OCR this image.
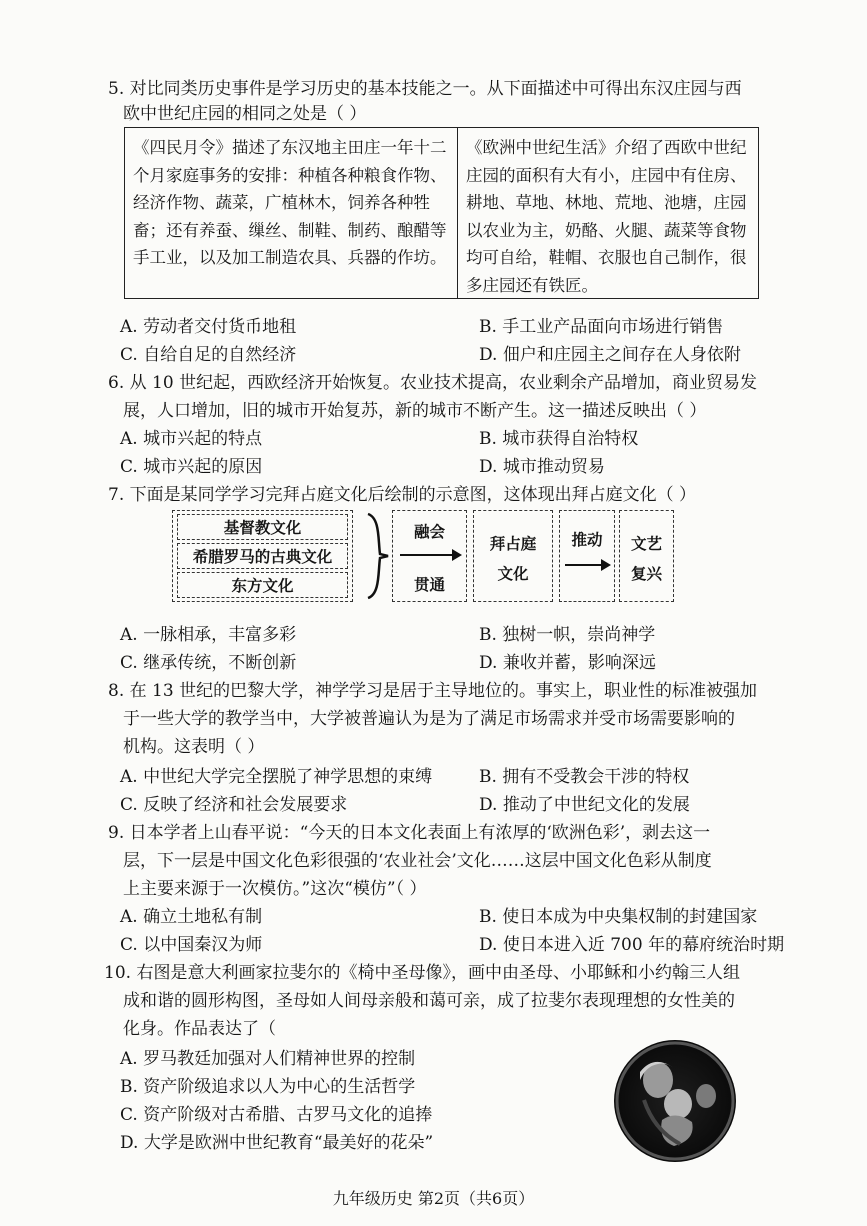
5. 对比同类历史事件是学习历史的基本技能之一。从下面描述中可得出东汉庄园与西
欧中世纪庄园的相同之处是（ ）
《四民月令》描述了东汉地主田庄一年十二个月家庭事务的安排：种植各种粮食作物、经济作物、蔬菜，广植林木，饲养各种牲畜；还有养蚕、缫丝、制鞋、制药、酿醋等手工业，以及加工制造农具、兵器的作坊。
《欧洲中世纪生活》介绍了西欧中世纪庄园的面积有大有小，庄园中有住房、耕地、草地、林地、荒地、池塘，庄园以农业为主，奶酪、火腿、蔬菜等食物均可自给，鞋帽、衣服也自己制作，很多庄园还有铁匠。
A. 劳动者交付货币地租	B. 手工业产品面向市场进行销售
C. 自给自足的自然经济	D. 佃户和庄园主之间存在人身依附
6. 从 10 世纪起，西欧经济开始恢复。农业技术提高，农业剩余产品增加，商业贸易发
展，人口增加，旧的城市开始复苏，新的城市不断产生。这一描述反映出（ ）
A. 城市兴起的特点	B. 城市获得自治特权
C. 城市兴起的原因	D. 城市推动贸易
7. 下面是某同学学习完拜占庭文化后绘制的示意图，这体现出拜占庭文化（ ）
基督教文化
希腊罗马的古典文化
东方文化
融会
贯通
拜占庭
文化
推动	文艺
复兴
A. 一脉相承，丰富多彩	B. 独树一帜，崇尚神学
C. 继承传统，不断创新	D. 兼收并蓄，影响深远
8. 在 13 世纪的巴黎大学，神学学习是居于主导地位的。事实上，职业性的标准被强加
于一些大学的教学当中，大学被普遍认为是为了满足市场需求并受市场需要影响的
机构。这表明（ ）
A. 中世纪大学完全摆脱了神学思想的束缚	B. 拥有不受教会干涉的特权
C. 反映了经济和社会发展要求	D. 推动了中世纪文化的发展
9. 日本学者上山春平说：“今天的日本文化表面上有浓厚的‘欧洲色彩’，剥去这一
层，下一层是中国文化色彩很强的‘农业社会’文化……这层中国文化色彩从制度
上主要来源于一次模仿。”这次“模仿”（ ）
A. 确立土地私有制	B. 使日本成为中央集权制的封建国家
C. 以中国秦汉为师	D. 使日本进入近 700 年的幕府统治时期
10. 右图是意大利画家拉斐尔的《椅中圣母像》，画中由圣母、小耶稣和小约翰三人组
成和谐的圆形构图，圣母如人间母亲般和蔼可亲，成了拉斐尔表现理想的女性美的
化身。作品表达了（
A. 罗马教廷加强对人们精神世界的控制
B. 资产阶级追求以人为中心的生活哲学
C. 资产阶级对古希腊、古罗马文化的追捧
D. 大学是欧洲中世纪教育“最美好的花朵”
九年级历史 第2页（共6页）
